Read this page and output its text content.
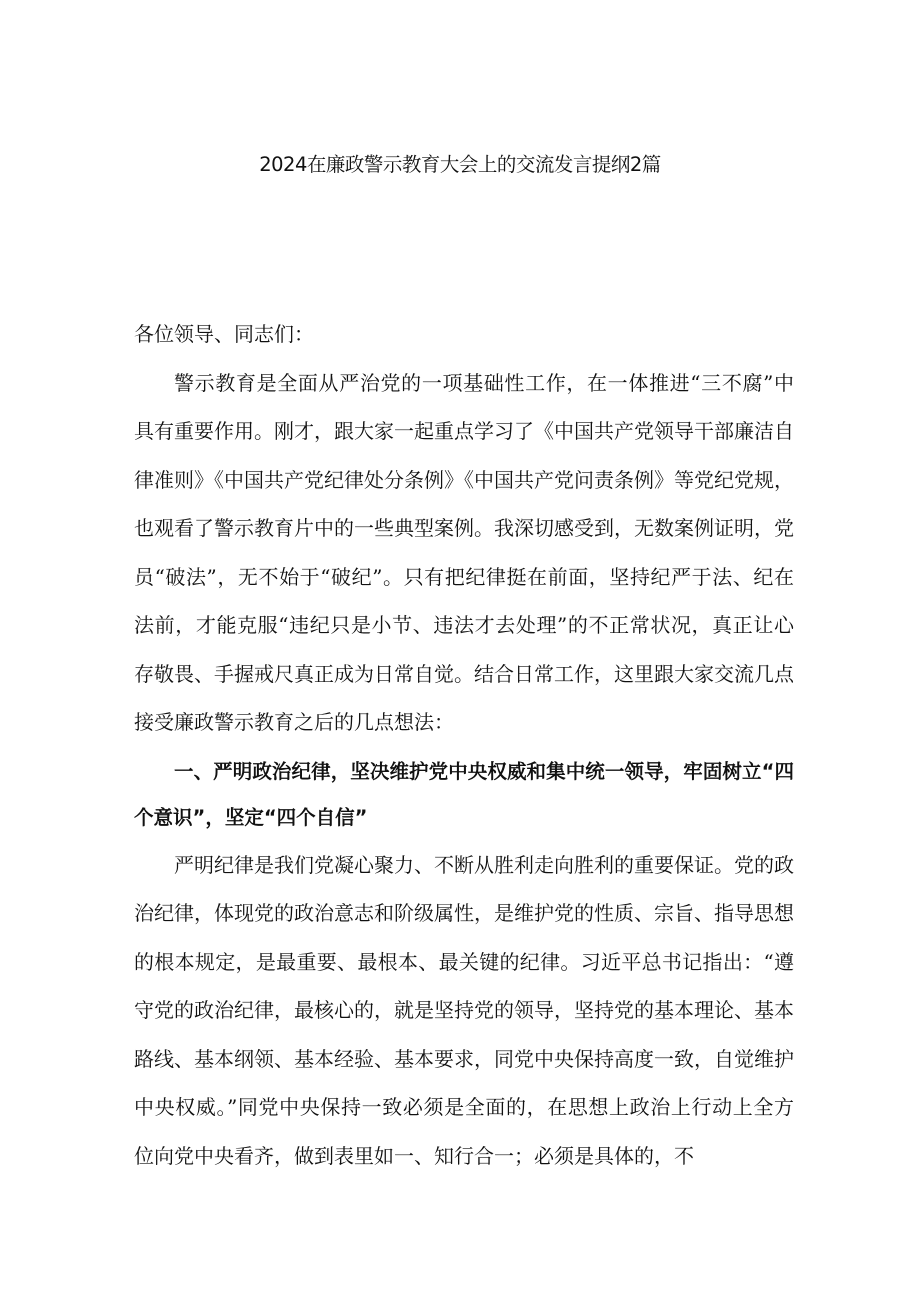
2024在廉政警示教育大会上的交流发言提纲2篇

各位领导、同志们：

警示教育是全面从严治党的一项基础性工作，在一体推进“三不腐”中具有重要作用。刚才，跟大家一起重点学习了《中国共产党领导干部廉洁自律准则》《中国共产党纪律处分条例》《中国共产党问责条例》等党纪党规，也观看了警示教育片中的一些典型案例。我深切感受到，无数案例证明，党员“破法”，无不始于“破纪”。只有把纪律挺在前面，坚持纪严于法、纪在法前，才能克服“违纪只是小节、违法才去处理”的不正常状况，真正让心存敬畏、手握戒尺真正成为日常自觉。结合日常工作，这里跟大家交流几点接受廉政警示教育之后的几点想法：

一、严明政治纪律，坚决维护党中央权威和集中统一领导，牢固树立“四个意识”，坚定“四个自信”

严明纪律是我们党凝心聚力、不断从胜利走向胜利的重要保证。党的政治纪律，体现党的政治意志和阶级属性，是维护党的性质、宗旨、指导思想的根本规定，是最重要、最根本、最关键的纪律。习近平总书记指出：“遵守党的政治纪律，最核心的，就是坚持党的领导，坚持党的基本理论、基本路线、基本纲领、基本经验、基本要求，同党中央保持高度一致，自觉维护中央权威。”同党中央保持一致必须是全面的，在思想上政治上行动上全方位向党中央看齐，做到表里如一、知行合一；必须是具体的，不
